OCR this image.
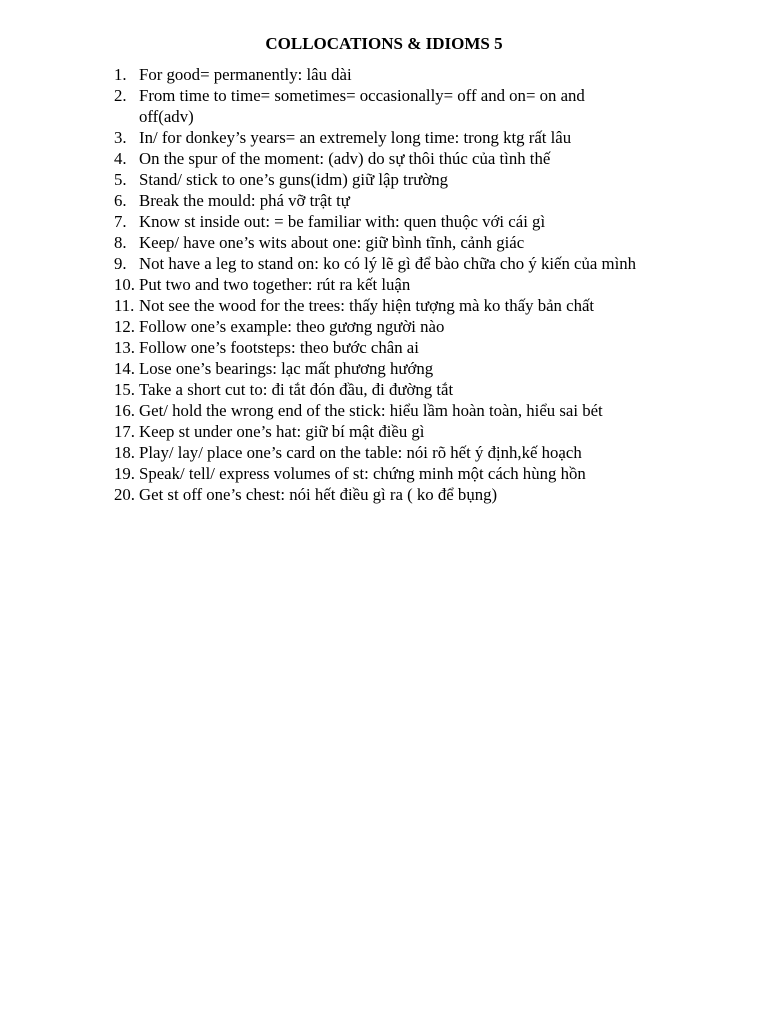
COLLOCATIONS & IDIOMS 5
1. For good= permanently: lâu dài
2. From time to time= sometimes= occasionally= off and on= on and off(adv)
3. In/ for donkey’s years= an extremely long time: trong ktg rất lâu
4. On the spur of the moment: (adv) do sự thôi thúc của tình thế
5. Stand/ stick to one’s guns(idm) giữ lập trường
6. Break the mould: phá vỡ trật tự
7. Know st inside out: = be familiar with: quen thuộc với cái gì
8. Keep/ have one’s wits about one: giữ bình tĩnh, cảnh giác
9. Not have a leg to stand on: ko có lý lẽ gì để bào chữa cho ý kiến của mình
10. Put two and two together: rút ra kết luận
11. Not see the wood for the trees: thấy hiện tượng mà ko thấy bản chất
12. Follow one’s example: theo gương người nào
13. Follow one’s footsteps: theo bước chân ai
14. Lose one’s bearings: lạc mất phương hướng
15. Take a short cut to: đi tắt đón đầu, đi đường tắt
16. Get/ hold the wrong end of the stick: hiểu lầm hoàn toàn, hiểu sai bét
17. Keep st under one’s hat: giữ bí mật điều gì
18. Play/ lay/ place one’s card on the table: nói rõ hết ý định,kế hoạch
19. Speak/ tell/ express volumes of st: chứng minh một cách hùng hồn
20. Get st off one’s chest: nói hết điều gì ra ( ko để bụng)
